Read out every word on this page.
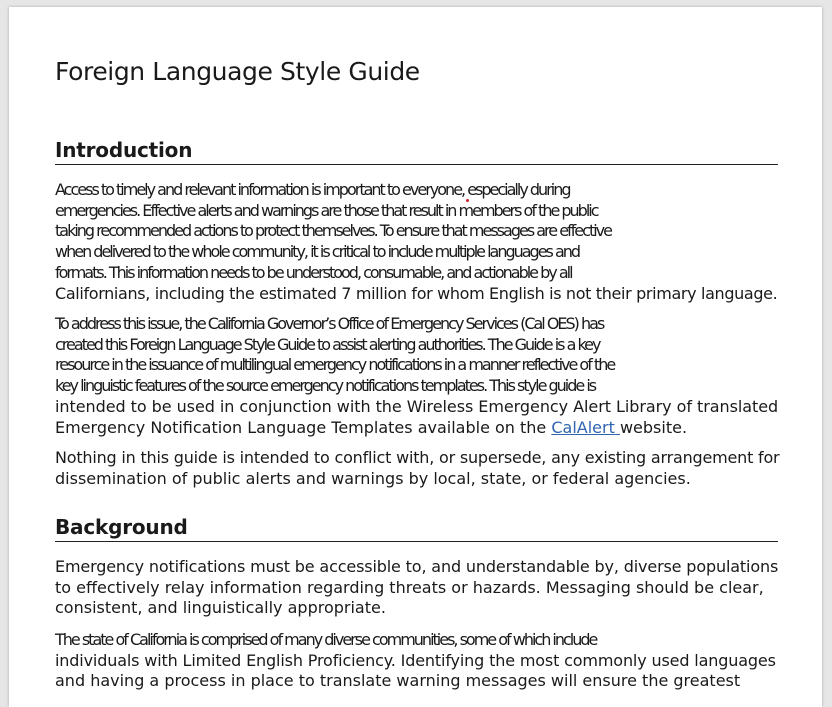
Foreign Language Style Guide
Introduction

Access to timely and relevant information is important to everyone, especially during
emergencies. Effective alerts and warnings are those that result in members of the public
taking recommended actions to protect themselves. To ensure that messages are effective
when delivered to the whole community, it is critical to include multiple languages and
formats. This information needs to be understood, consumable, and actionable by all
Californians, including the estimated 7 million for whom English is not their primary language.

To address this issue, the California Governor’s Office of Emergency Services (Cal OES) has
created this Foreign Language Style Guide to assist alerting authorities. The Guide is a key
resource in the issuance of multilingual emergency notifications in a manner reflective of the
key linguistic features of the source emergency notifications templates. This style guide is
intended to be used in conjunction with the Wireless Emergency Alert Library of translated
Emergency Notification Language Templates available on the CalAlert website.

Nothing in this guide is intended to conflict with, or supersede, any existing arrangement for
dissemination of public alerts and warnings by local, state, or federal agencies.

Background

Emergency notifications must be accessible to, and understandable by, diverse populations
to effectively relay information regarding threats or hazards. Messaging should be clear,
consistent, and linguistically appropriate.

The state of California is comprised of many diverse communities, some of which include
individuals with Limited English Proficiency. Identifying the most commonly used languages
and having a process in place to translate warning messages will ensure the greatest
